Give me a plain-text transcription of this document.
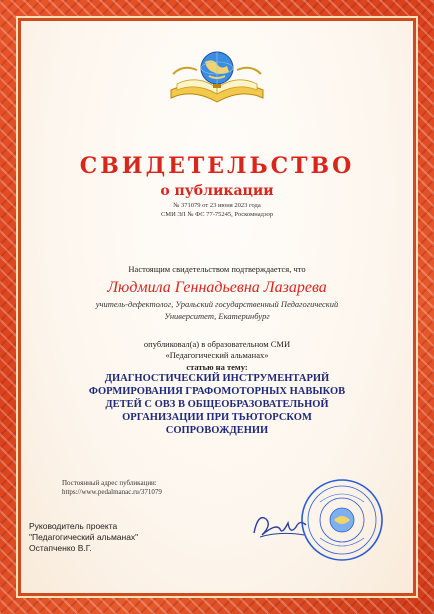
СВИДЕТЕЛЬСТВО
о публикации
№ 371079 от 23 июня 2023 года
СМИ ЭЛ № ФС 77-75245, Роскомнадзор
Настоящим свидетельством подтверждается, что
Людмила Геннадьевна Лазарева
учитель-дефектолог, Уральский государственный Педагогический
Университет, Екатеринбург
опубликовал(а) в образовательном СМИ
«Педагогический альманах»
статью на тему:
ДИАГНОСТИЧЕСКИЙ ИНСТРУМЕНТАРИЙ
ФОРМИРОВАНИЯ ГРАФОМОТОРНЫХ НАВЫКОВ
ДЕТЕЙ С ОВЗ В ОБЩЕОБРАЗОВАТЕЛЬНОЙ
ОРГАНИЗАЦИИ ПРИ ТЬЮТОРСКОМ
СОПРОВОЖДЕНИИ
Постоянный адрес публикации:
https://www.pedalmanac.ru/371079
Руководитель проекта
"Педагогический альманах"
Остапченко В.Г.
